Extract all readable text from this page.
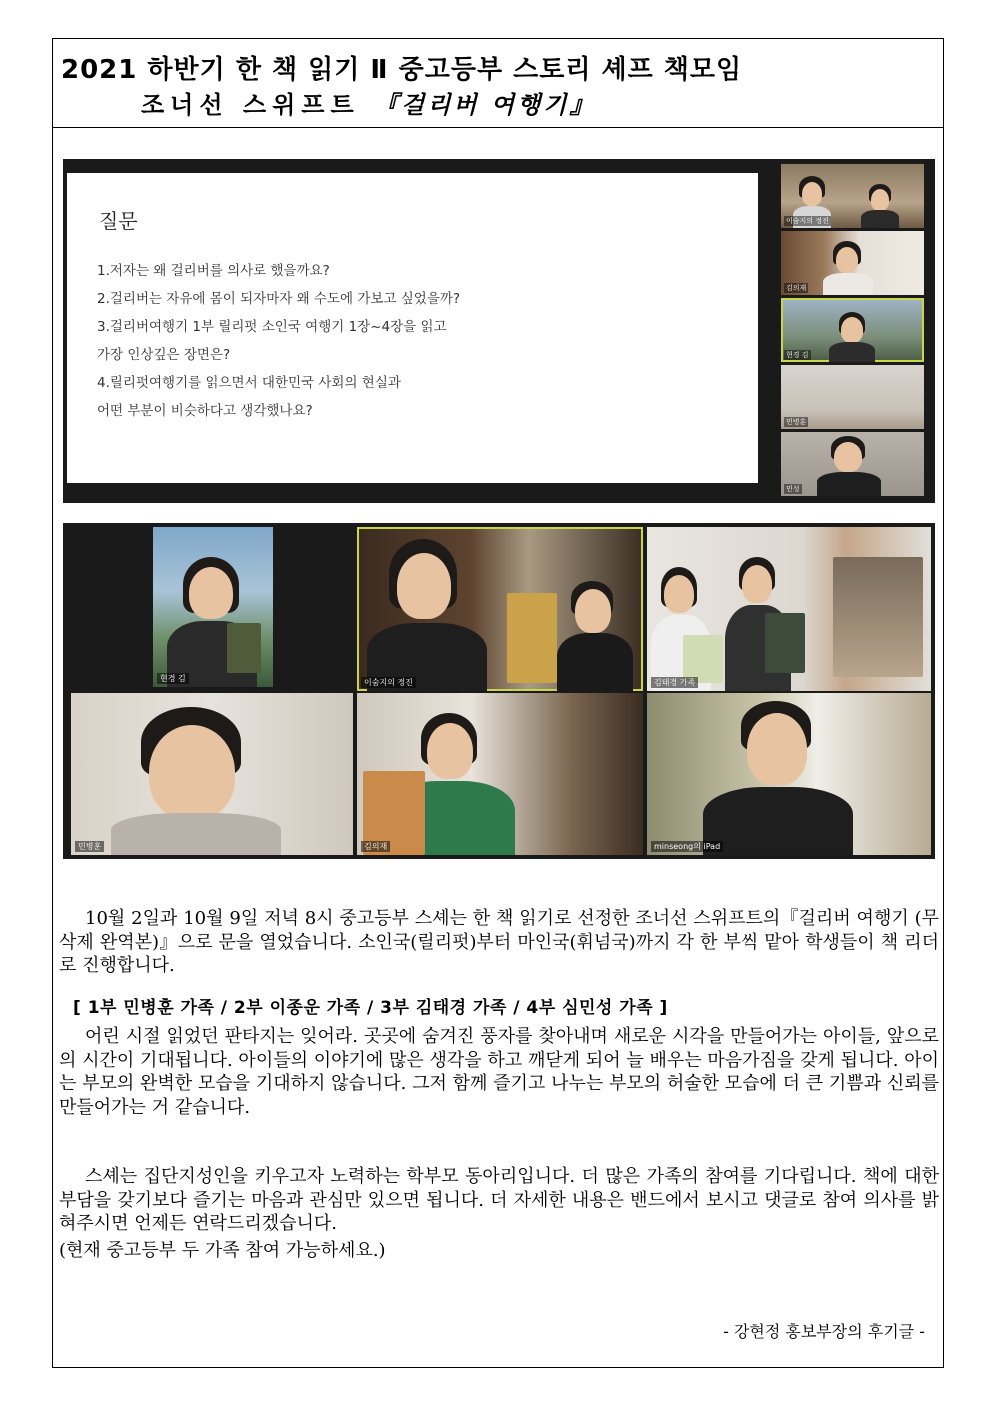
2021 하반기 한 책 읽기 Ⅱ 중고등부 스토리 셰프 책모임
조너선 스위프트 『걸리버 여행기』
질문
1.저자는 왜 걸리버를 의사로 했을까요?
2.걸리버는 자유에 몸이 되자마자 왜 수도에 가보고 싶었을까?
3.걸리버여행기 1부 릴리펏 소인국 여행기 1장~4장을 읽고
가장 인상깊은 장면은?
4.릴리펏여행기를 읽으면서 대한민국 사회의 현실과
어떤 부분이 비슷하다고 생각했나요?
이숨지의 정진
김의재
현경 김
민병훈
민성
현경 김	이숨지의 정진	김태경 가족
민병훈	김의재	minseong의 iPad
10월 2일과 10월 9일 저녁 8시 중고등부 스셰는 한 책 읽기로 선정한 조너선 스위프트의『걸리버 여행기 (무삭제 완역본)』으로 문을 열었습니다. 소인국(릴리펏)부터 마인국(휘넘국)까지 각 한 부씩 맡아 학생들이 책 리더로 진행합니다.
[ 1부 민병훈 가족 / 2부 이종운 가족 / 3부 김태경 가족 / 4부 심민성 가족 ]
어린 시절 읽었던 판타지는 잊어라. 곳곳에 숨겨진 풍자를 찾아내며 새로운 시각을 만들어가는 아이들, 앞으로의 시간이 기대됩니다. 아이들의 이야기에 많은 생각을 하고 깨닫게 되어 늘 배우는 마음가짐을 갖게 됩니다. 아이는 부모의 완벽한 모습을 기대하지 않습니다. 그저 함께 즐기고 나누는 부모의 허술한 모습에 더 큰 기쁨과 신뢰를 만들어가는 거 같습니다.
스셰는 집단지성인을 키우고자 노력하는 학부모 동아리입니다. 더 많은 가족의 참여를 기다립니다. 책에 대한 부담을 갖기보다 즐기는 마음과 관심만 있으면 됩니다. 더 자세한 내용은 밴드에서 보시고 댓글로 참여 의사를 밝혀주시면 언제든 연락드리겠습니다.
(현재 중고등부 두 가족 참여 가능하세요.)
- 강현정 홍보부장의 후기글 -
